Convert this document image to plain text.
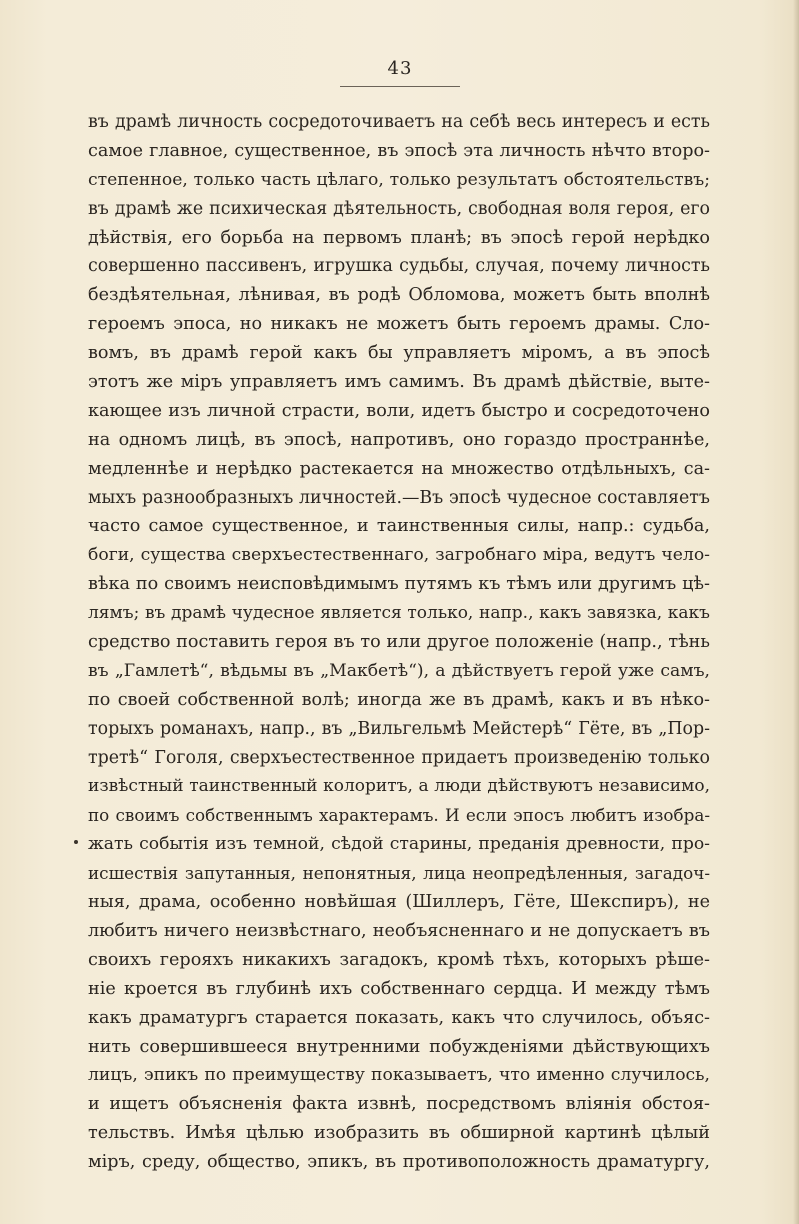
43
въ драмѣ личность сосредоточиваетъ на себѣ весь интересъ и есть
самое главное, существенное, въ эпосѣ эта личность нѣчто второ-
степенное, только часть цѣлаго, только результатъ обстоятельствъ;
въ драмѣ же психическая дѣятельность, свободная воля героя, его
дѣйствія, его борьба на первомъ планѣ; въ эпосѣ герой нерѣдко
совершенно пассивенъ, игрушка судьбы, случая, почему личность
бездѣятельная, лѣнивая, въ родѣ Обломова, можетъ быть вполнѣ
героемъ эпоса, но никакъ не можетъ быть героемъ драмы. Сло-
вомъ, въ драмѣ герой какъ бы управляетъ міромъ, а въ эпосѣ
этотъ же міръ управляетъ имъ самимъ. Въ драмѣ дѣйствіе, выте-
кающее изъ личной страсти, воли, идетъ быстро и сосредоточено
на одномъ лицѣ, въ эпосѣ, напротивъ, оно гораздо пространнѣе,
медленнѣе и нерѣдко растекается на множество отдѣльныхъ, са-
мыхъ разнообразныхъ личностей.—Въ эпосѣ чудесное составляетъ
часто самое существенное, и таинственныя силы, напр.: судьба,
боги, существа сверхъестественнаго, загробнаго міра, ведутъ чело-
вѣка по своимъ неисповѣдимымъ путямъ къ тѣмъ или другимъ цѣ-
лямъ; въ драмѣ чудесное является только, напр., какъ завязка, какъ
средство поставить героя въ то или другое положеніе (напр., тѣнь
въ „Гамлетѣ“, вѣдьмы въ „Макбетѣ“), а дѣйствуетъ герой уже самъ,
по своей собственной волѣ; иногда же въ драмѣ, какъ и въ нѣко-
торыхъ романахъ, напр., въ „Вильгельмѣ Мейстерѣ“ Гёте, въ „Пор-
третѣ“ Гоголя, сверхъестественное придаетъ произведенію только
извѣстный таинственный колоритъ, а люди дѣйствуютъ независимо,
по своимъ собственнымъ характерамъ. И если эпосъ любитъ изобра-
жать событія изъ темной, сѣдой старины, преданія древности, про-
исшествія запутанныя, непонятныя, лица неопредѣленныя, загадоч-
ныя, драма, особенно новѣйшая (Шиллеръ, Гёте, Шекспиръ), не
любитъ ничего неизвѣстнаго, необъясненнаго и не допускаетъ въ
своихъ герояхъ никакихъ загадокъ, кромѣ тѣхъ, которыхъ рѣше-
ніе кроется въ глубинѣ ихъ собственнаго сердца. И между тѣмъ
какъ драматургъ старается показать, какъ что случилось, объяс-
нить совершившееся внутренними побужденіями дѣйствующихъ
лицъ, эпикъ по преимуществу показываетъ, что именно случилось,
и ищетъ объясненія факта извнѣ, посредствомъ вліянія обстоя-
тельствъ. Имѣя цѣлью изобразить въ обширной картинѣ цѣлый
міръ, среду, общество, эпикъ, въ противоположность драматургу,
